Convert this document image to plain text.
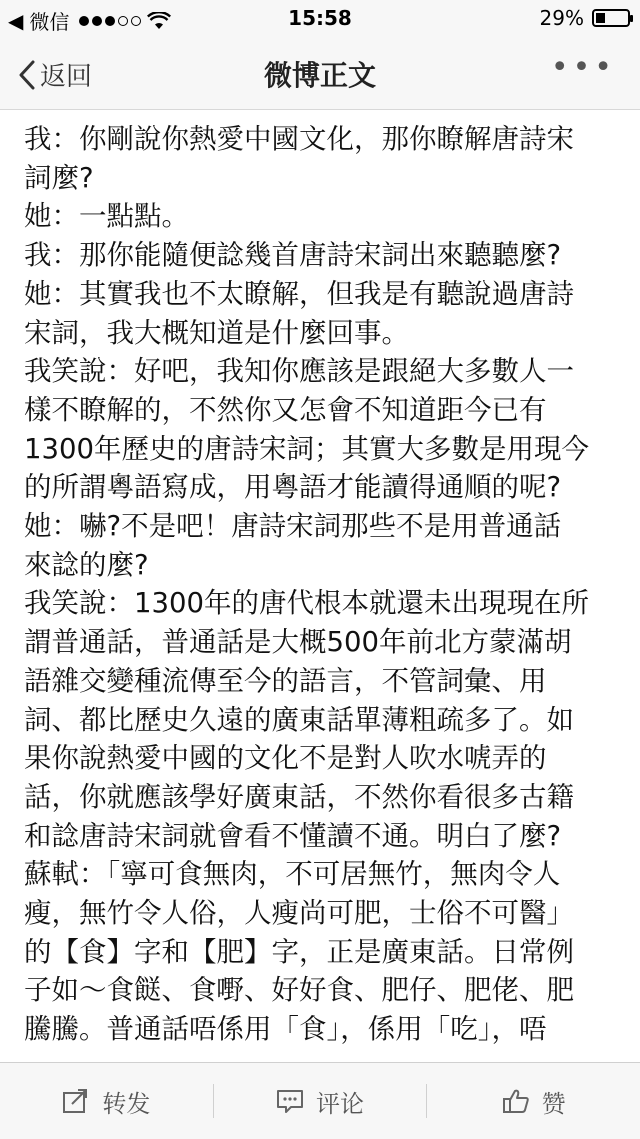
◀ 微信	15:58	29%
返回	微博正文	•••
我：你剛說你熱愛中國文化，那你瞭解唐詩宋
詞麼?
她：一點點。
我：那你能隨便諗幾首唐詩宋詞出來聽聽麼?
她：其實我也不太瞭解，但我是有聽說過唐詩
宋詞，我大概知道是什麼回事。
我笑說：好吧，我知你應該是跟絕大多數人一
樣不瞭解的，不然你又怎會不知道距今已有
1300年歷史的唐詩宋詞；其實大多數是用現今
的所謂粵語寫成，用粵語才能讀得通順的呢?
她：嚇?不是吧！唐詩宋詞那些不是用普通話
來諗的麼?
我笑說：1300年的唐代根本就還未出現現在所
謂普通話，普通話是大概500年前北方蒙滿胡
語雜交變種流傳至今的語言，不管詞彙、用
詞、都比歷史久遠的廣東話單薄粗疏多了。如
果你說熱愛中國的文化不是對人吹水唬弄的
話，你就應該學好廣東話，不然你看很多古籍
和諗唐詩宋詞就會看不懂讀不通。明白了麼?
蘇軾：「寧可食無肉，不可居無竹，無肉令人
瘦，無竹令人俗，人瘦尚可肥，士俗不可醫」
的【食】字和【肥】字，正是廣東話。日常例
子如～食餸、食嘢、好好食、肥仔、肥佬、肥
騰騰。普通話唔係用「食」，係用「吃」，唔
转发	评论	赞
